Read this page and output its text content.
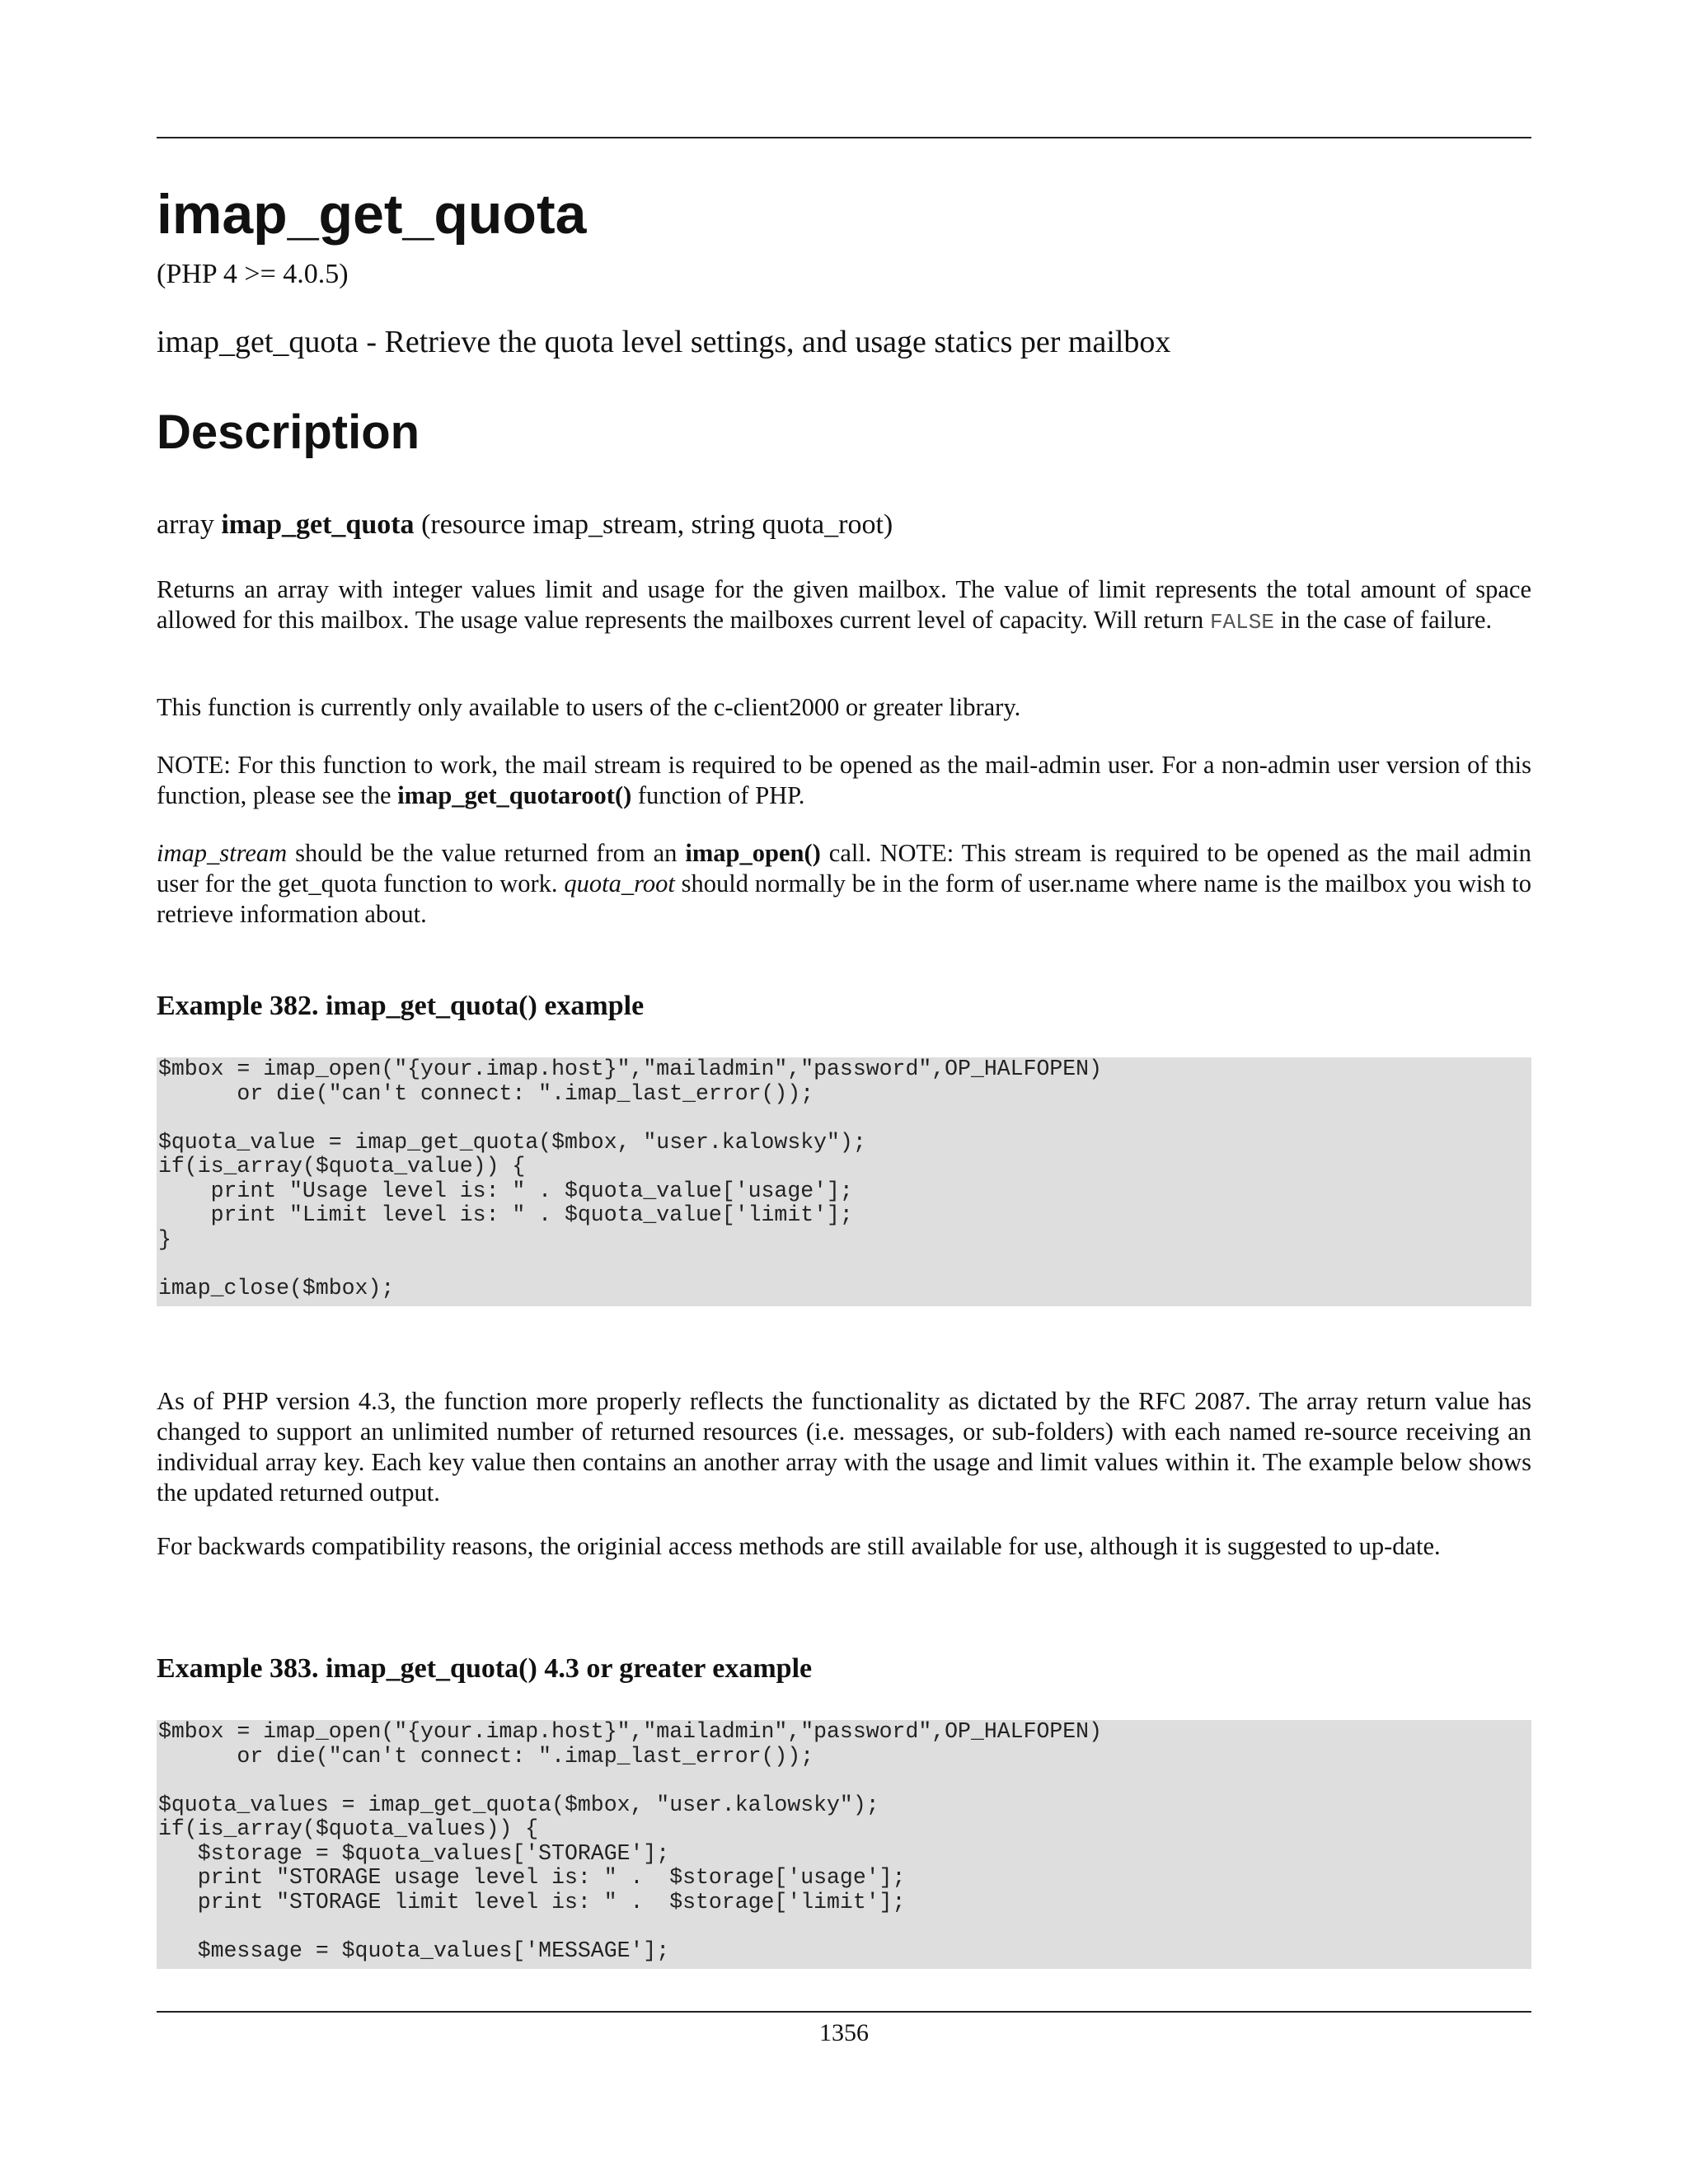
imap_get_quota
(PHP 4 >= 4.0.5)
imap_get_quota - Retrieve the quota level settings, and usage statics per mailbox
Description
array imap_get_quota (resource imap_stream, string quota_root)

Returns an array with integer values limit and usage for the given mailbox. The value of limit represents the total amount of space allowed for this mailbox. The usage value represents the mailboxes current level of capacity. Will return FALSE in the case of failure.

This function is currently only available to users of the c-client2000 or greater library.

NOTE: For this function to work, the mail stream is required to be opened as the mail-admin user. For a non-admin user version of this function, please see the imap_get_quotaroot() function of PHP.

imap_stream should be the value returned from an imap_open() call. NOTE: This stream is required to be opened as the mail admin user for the get_quota function to work. quota_root should normally be in the form of user.name where name is the mailbox you wish to retrieve information about.

Example 382. imap_get_quota() example
$mbox = imap_open("{your.imap.host}","mailadmin","password",OP_HALFOPEN)
or die("can't connect: ".imap_last_error());

$quota_value = imap_get_quota($mbox, "user.kalowsky");
if(is_array($quota_value)) {
print "Usage level is: " . $quota_value['usage'];
print "Limit level is: " . $quota_value['limit'];
}

imap_close($mbox);

As of PHP version 4.3, the function more properly reflects the functionality as dictated by the RFC 2087. The array return value has changed to support an unlimited number of returned resources (i.e. messages, or sub-folders) with each named re-source receiving an individual array key. Each key value then contains an another array with the usage and limit values within it. The example below shows the updated returned output.

For backwards compatibility reasons, the originial access methods are still available for use, although it is suggested to up-date.

Example 383. imap_get_quota() 4.3 or greater example
$mbox = imap_open("{your.imap.host}","mailadmin","password",OP_HALFOPEN)
or die("can't connect: ".imap_last_error());

$quota_values = imap_get_quota($mbox, "user.kalowsky");
if(is_array($quota_values)) {
$storage = $quota_values['STORAGE'];
print "STORAGE usage level is: " .  $storage['usage'];
print "STORAGE limit level is: " .  $storage['limit'];

$message = $quota_values['MESSAGE'];
1356
